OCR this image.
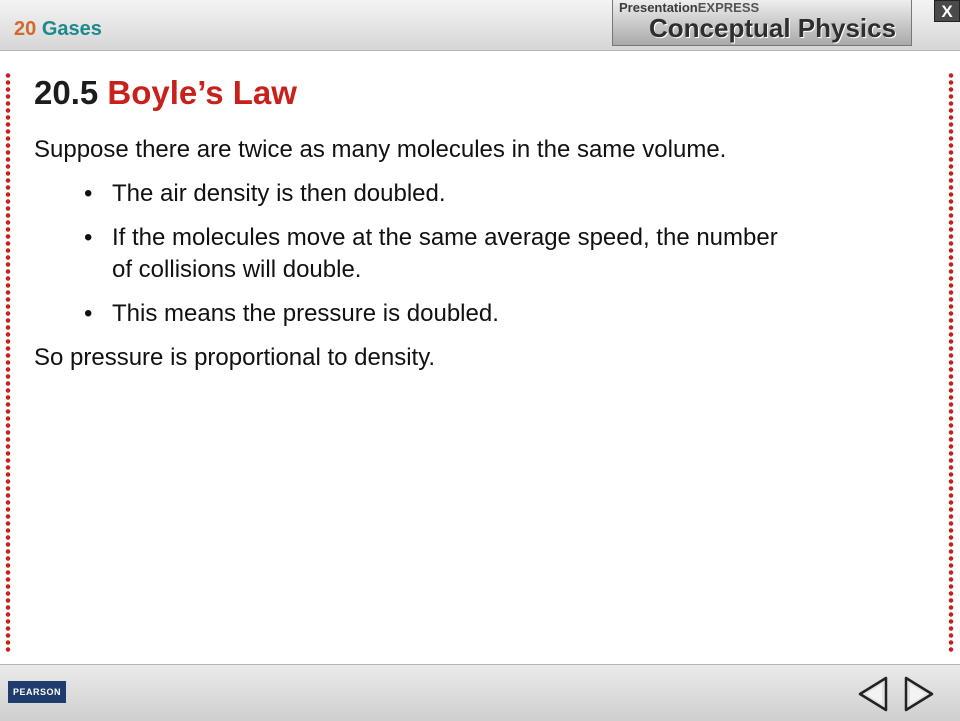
20 Gases
PresentationEXPRESS
Conceptual Physics
X
20.5 Boyle’s Law

Suppose there are twice as many molecules in the same volume.

• The air density is then doubled.
• If the molecules move at the same average speed, the number of collisions will double.
• This means the pressure is doubled.

So pressure is proportional to density.

PEARSON
